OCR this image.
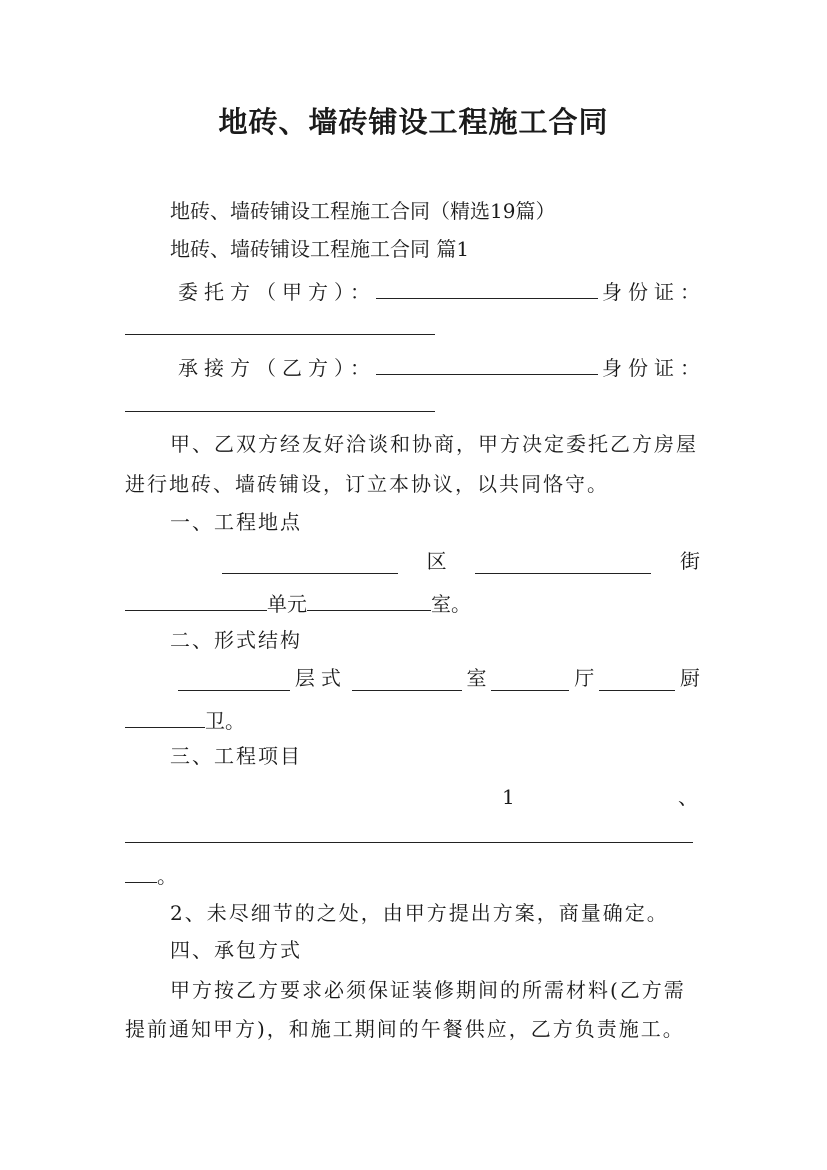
地砖、墙砖铺设工程施工合同
地砖、墙砖铺设工程施工合同（精选19篇）
地砖、墙砖铺设工程施工合同 篇1
委托方（甲方）：	身份证：
承接方（乙方）：	身份证：
甲、乙双方经友好洽谈和协商，甲方决定委托乙方房屋
进行地砖、墙砖铺设，订立本协议，以共同恪守。
一、工程地点
区	街
单元	室。
二、形式结构
层式	室	厅	厨
卫。
三、工程项目
1	、
。
2、未尽细节的之处，由甲方提出方案，商量确定。
四、承包方式
甲方按乙方要求必须保证装修期间的所需材料(乙方需
提前通知甲方)，和施工期间的午餐供应，乙方负责施工。
